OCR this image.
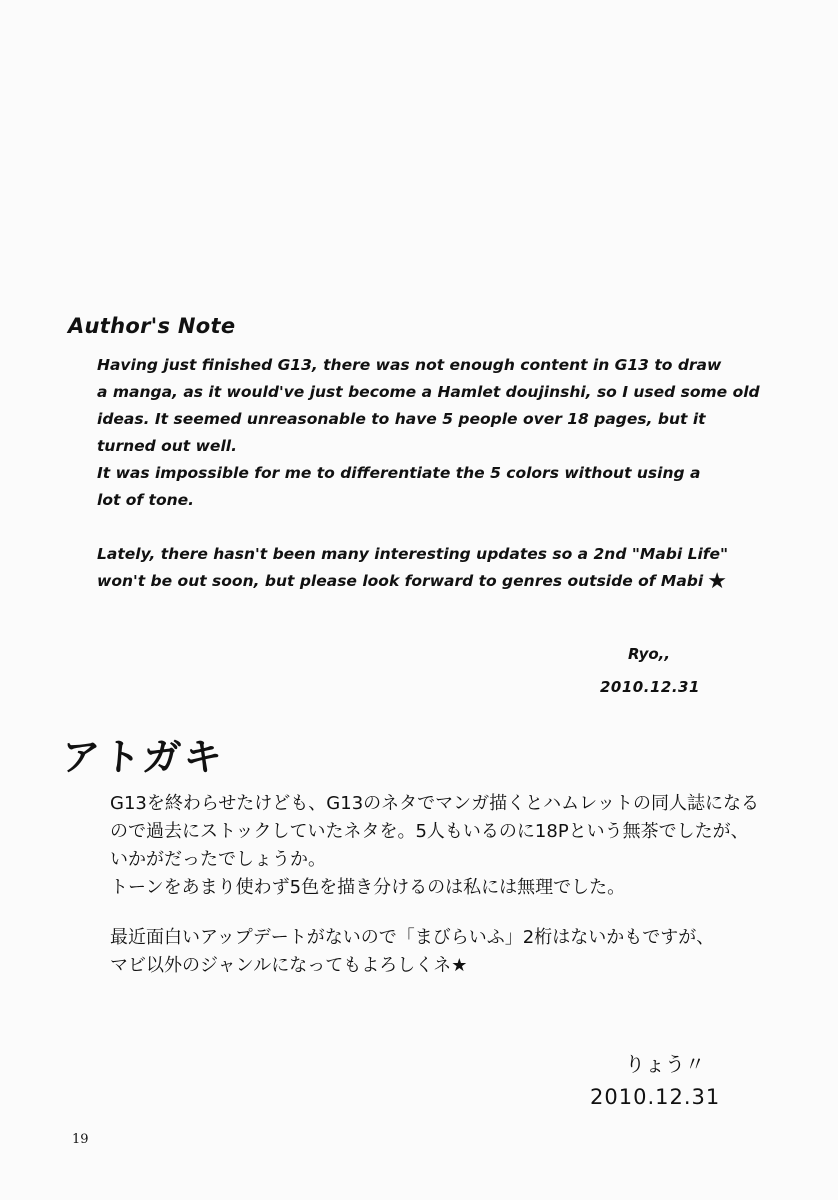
Author's Note
Having just finished G13, there was not enough content in G13 to draw
a manga, as it would've just become a Hamlet doujinshi, so I used some old
ideas. It seemed unreasonable to have 5 people over 18 pages, but it
turned out well.
It was impossible for me to differentiate the 5 colors without using a
lot of tone.
Lately, there hasn't been many interesting updates so a 2nd "Mabi Life"
won't be out soon, but please look forward to genres outside of Mabi ★
Ryo,,
2010.12.31
アトガキ
G13を終わらせたけども、G13のネタでマンガ描くとハムレットの同人誌になる
ので過去にストックしていたネタを。5人もいるのに18Pという無茶でしたが、
いかがだったでしょうか。
トーンをあまり使わず5色を描き分けるのは私には無理でした。
最近面白いアップデートがないので「まびらいふ」2桁はないかもですが、
マビ以外のジャンルになってもよろしくネ★
りょう〃
2010.12.31
19
